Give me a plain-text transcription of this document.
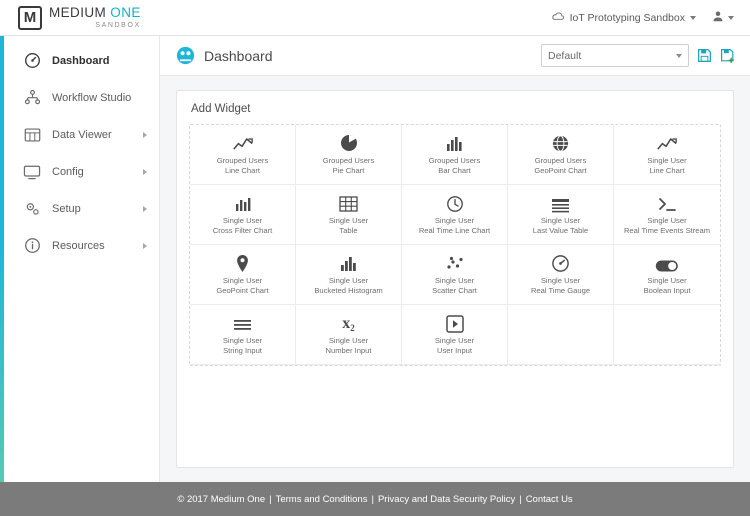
M MEDIUM ONE
SANDBOX
IoT Prototyping Sandbox
Dashboard
Workflow Studio
Data Viewer
Config
Setup
Resources
Dashboard	Default
Add Widget
Grouped Users
Line Chart
Grouped Users
Pie Chart
Grouped Users
Bar Chart
Grouped Users
GeoPoint Chart
Single User
Line Chart
Single User
Cross Filter Chart
Single User
Table
Single User
Real Time Line Chart
Single User
Last Value Table
Single User
Real Time Events Stream
Single User
GeoPoint Chart
Single User
Bucketed Histogram
Single User
Scatter Chart
Single User
Real Time Gauge
Single User
Boolean Input
Single User
String Input
x 2
Single User
Number Input
Single User
User Input
© 2017 Medium One | Terms and Conditions | Privacy and Data Security Policy | Contact Us
